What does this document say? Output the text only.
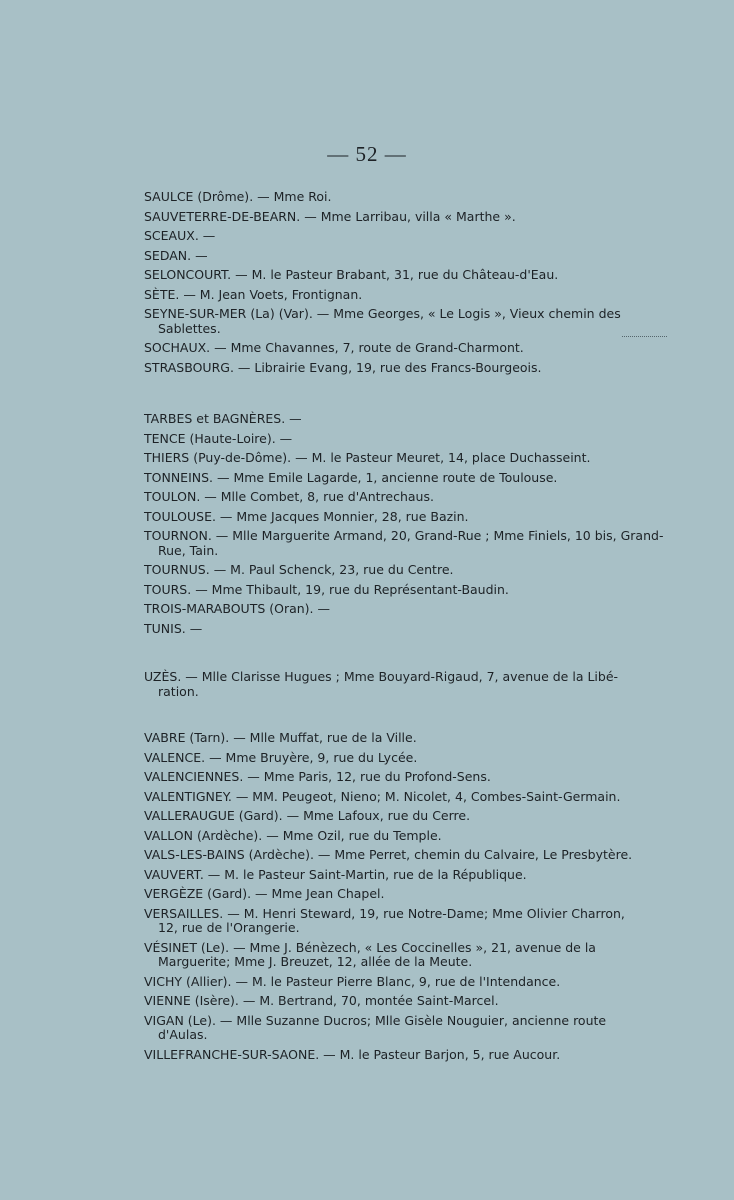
— 52 —
SAULCE (Drôme). — Mme Roi.
SAUVETERRE-DE-BEARN. — Mme Larribau, villa « Marthe ».
SCEAUX. —
SEDAN. —
SELONCOURT. — M. le Pasteur Brabant, 31, rue du Château-d'Eau.
SÈTE. — M. Jean Voets, Frontignan.
SEYNE-SUR-MER (La) (Var). — Mme Georges, « Le Logis », Vieux chemin des
Sablettes.
SOCHAUX. — Mme Chavannes, 7, route de Grand-Charmont.
STRASBOURG. — Librairie Evang, 19, rue des Francs-Bourgeois.
TARBES et BAGNÈRES. —
TENCE (Haute-Loire). —
THIERS (Puy-de-Dôme). — M. le Pasteur Meuret, 14, place Duchasseint.
TONNEINS. — Mme Emile Lagarde, 1, ancienne route de Toulouse.
TOULON. — Mlle Combet, 8, rue d'Antrechaus.
TOULOUSE. — Mme Jacques Monnier, 28, rue Bazin.
TOURNON. — Mlle Marguerite Armand, 20, Grand-Rue ; Mme Finiels, 10 bis, Grand-
Rue, Tain.
TOURNUS. — M. Paul Schenck, 23, rue du Centre.
TOURS. — Mme Thibault, 19, rue du Représentant-Baudin.
TROIS-MARABOUTS (Oran). —
TUNIS. —
UZÈS. — Mlle Clarisse Hugues ; Mme Bouyard-Rigaud, 7, avenue de la Libé-
ration.
VABRE (Tarn). — Mlle Muffat, rue de la Ville.
VALENCE. — Mme Bruyère, 9, rue du Lycée.
VALENCIENNES. — Mme Paris, 12, rue du Profond-Sens.
VALENTIGNEY. — MM. Peugeot, Nieno; M. Nicolet, 4, Combes-Saint-Germain.
VALLERAUGUE (Gard). — Mme Lafoux, rue du Cerre.
VALLON (Ardèche). — Mme Ozil, rue du Temple.
VALS-LES-BAINS (Ardèche). — Mme Perret, chemin du Calvaire, Le Presbytère.
VAUVERT. — M. le Pasteur Saint-Martin, rue de la République.
VERGÈZE (Gard). — Mme Jean Chapel.
VERSAILLES. — M. Henri Steward, 19, rue Notre-Dame; Mme Olivier Charron,
12, rue de l'Orangerie.
VÉSINET (Le). — Mme J. Bénèzech, « Les Coccinelles », 21, avenue de la
Marguerite; Mme J. Breuzet, 12, allée de la Meute.
VICHY (Allier). — M. le Pasteur Pierre Blanc, 9, rue de l'Intendance.
VIENNE (Isère). — M. Bertrand, 70, montée Saint-Marcel.
VIGAN (Le). — Mlle Suzanne Ducros; Mlle Gisèle Nouguier, ancienne route
d'Aulas.
VILLEFRANCHE-SUR-SAONE. — M. le Pasteur Barjon, 5, rue Aucour.
